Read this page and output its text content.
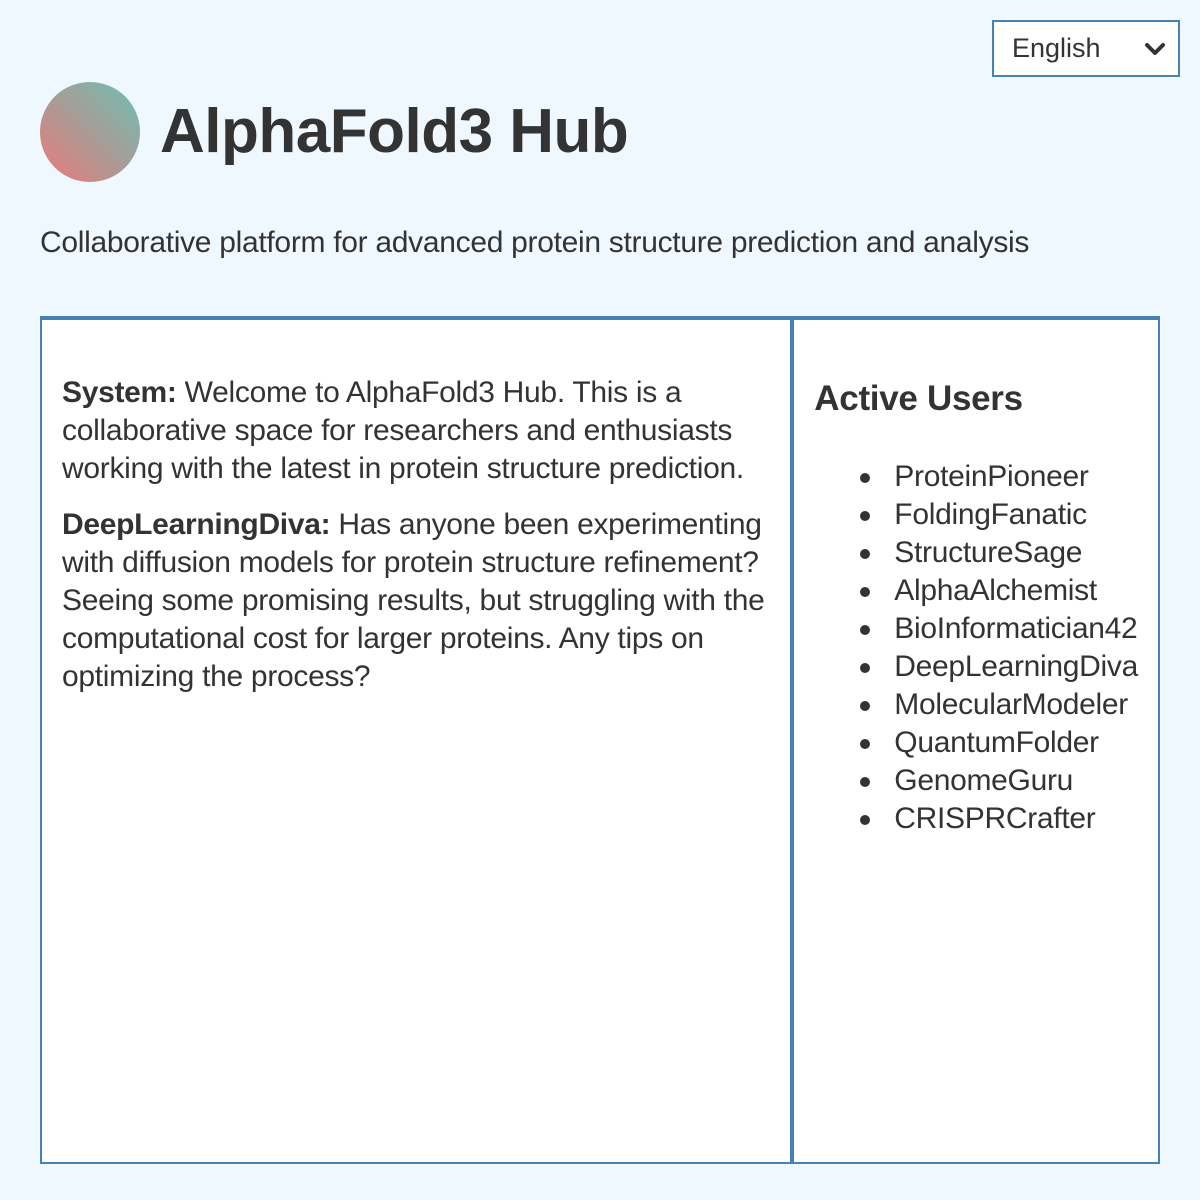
English
AlphaFold3 Hub

Collaborative platform for advanced protein structure prediction and analysis

System: Welcome to AlphaFold3 Hub. This is a collaborative space for researchers and enthusiasts working with the latest in protein structure prediction.

DeepLearningDiva: Has anyone been experimenting with diffusion models for protein structure refinement? Seeing some promising results, but struggling with the computational cost for larger proteins. Any tips on optimizing the process?

Active Users
ProteinPioneer
FoldingFanatic
StructureSage
AlphaAlchemist
BioInformatician42
DeepLearningDiva
MolecularModeler
QuantumFolder
GenomeGuru
CRISPRCrafter
